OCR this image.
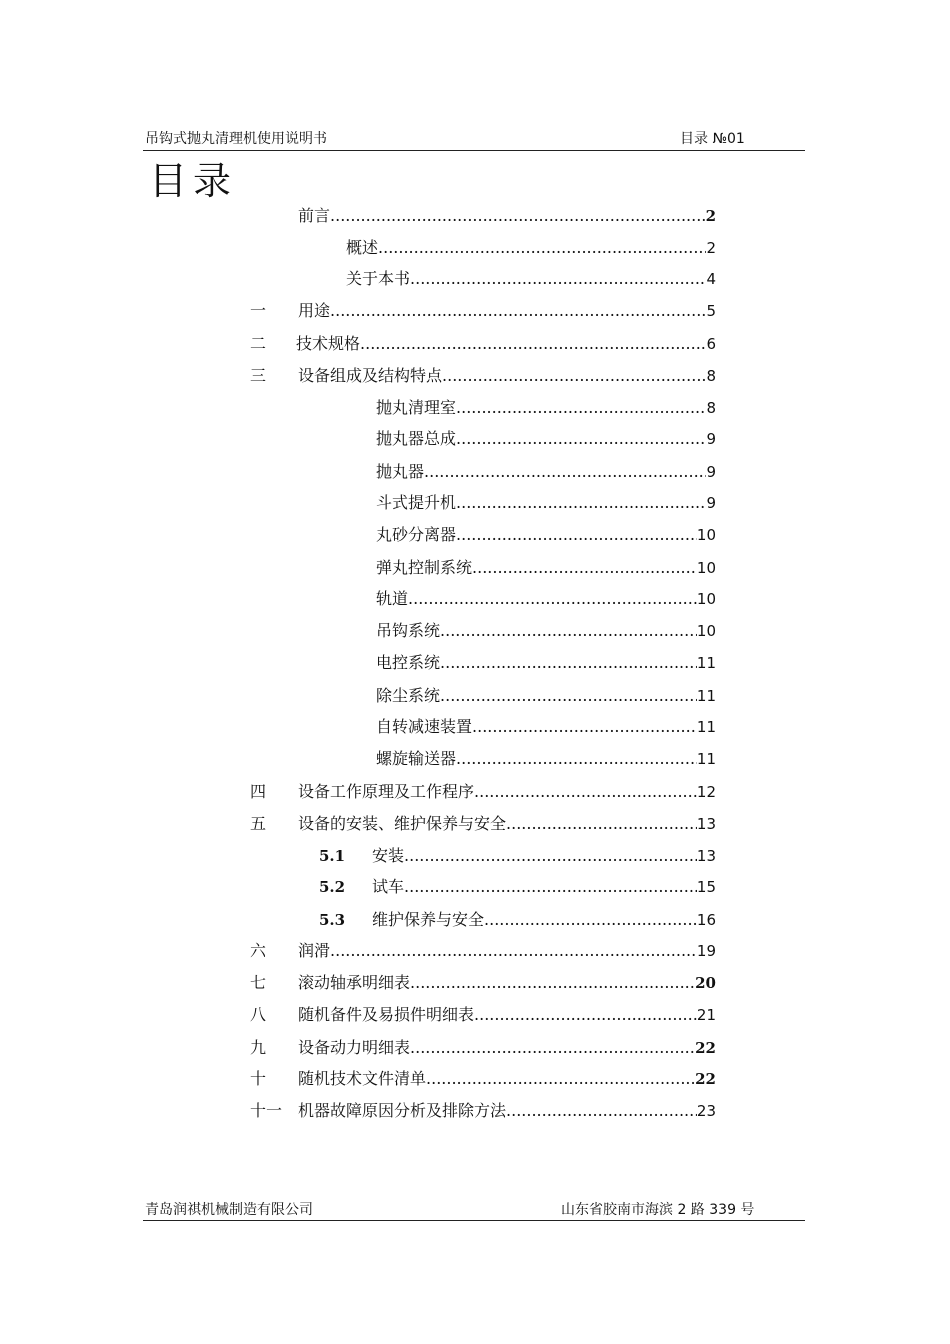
吊钩式抛丸清理机使用说明书	目录 №01
目录
前言 .....	2
概述 .....	2
关于本书 .....	4
一 用途 .....	5
二 技术规格 .....	6
三 设备组成及结构特点 .....	8
抛丸清理室 .....	8
抛丸器总成 .....	9
抛丸器 .....	9
斗式提升机 .....	9
丸砂分离器 .....	10
弹丸控制系统 .....	10
轨道 .....	10
吊钩系统 .....	10
电控系统 .....	11
除尘系统 .....	11
自转减速装置 .....	11
螺旋输送器 .....	11
四 设备工作原理及工作程序 .....	12
五 设备的安装、维护保养与安全 .....	13
5.1 安装 .....	13
5.2 试车 .....	15
5.3 维护保养与安全 .....	16
六 润滑 .....	19
七 滚动轴承明细表 .....	20
八 随机备件及易损件明细表 .....	21
九 设备动力明细表 .....	22
十 随机技术文件清单 .....	22
十一 机器故障原因分析及排除方法 .....	23
青岛润祺机械制造有限公司	山东省胶南市海滨 2 路 339 号
